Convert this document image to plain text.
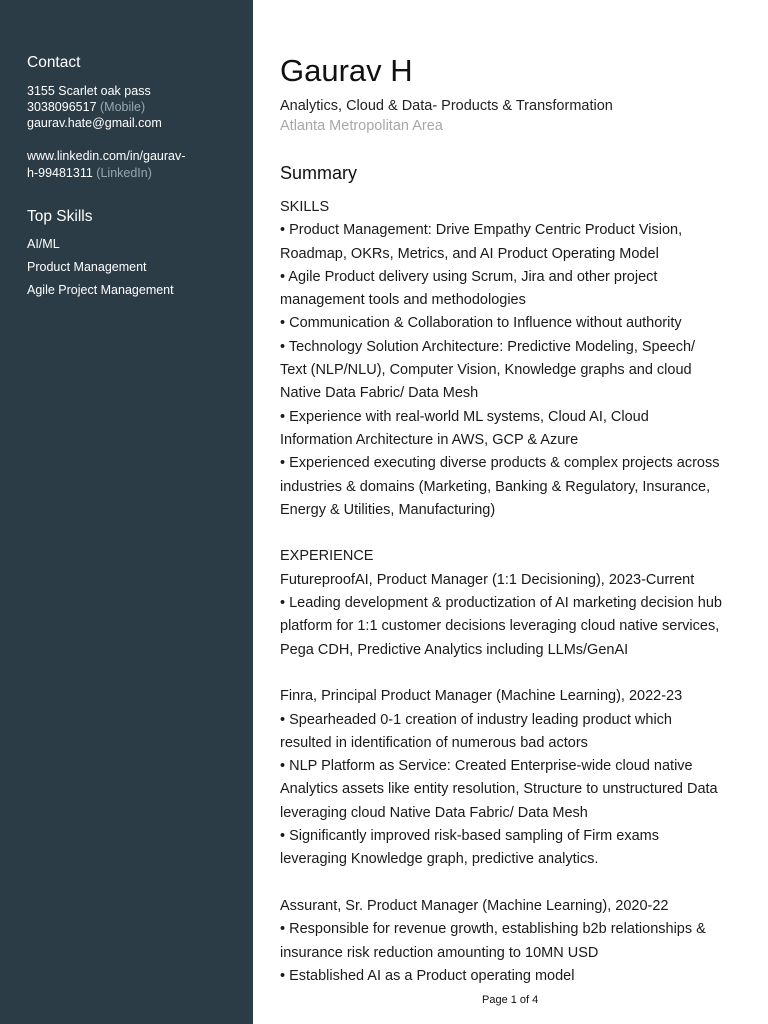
Contact
3155 Scarlet oak pass
3038096517 (Mobile)
gaurav.hate@gmail.com
www.linkedin.com/in/gaurav-
h-99481311 (LinkedIn)
Top Skills
AI/ML
Product Management
Agile Project Management
Gaurav H
Analytics, Cloud & Data- Products & Transformation
Atlanta Metropolitan Area
Summary
SKILLS
• Product Management: Drive Empathy Centric Product Vision,
Roadmap, OKRs, Metrics, and AI Product Operating Model
• Agile Product delivery using Scrum, Jira and other project
management tools and methodologies
• Communication & Collaboration to Influence without authority
• Technology Solution Architecture: Predictive Modeling, Speech/
Text (NLP/NLU), Computer Vision, Knowledge graphs and cloud
Native Data Fabric/ Data Mesh
• Experience with real-world ML systems, Cloud AI, Cloud
Information Architecture in AWS, GCP & Azure
• Experienced executing diverse products & complex projects across
industries & domains (Marketing, Banking & Regulatory, Insurance,
Energy & Utilities, Manufacturing)
EXPERIENCE
FutureproofAI, Product Manager (1:1 Decisioning), 2023-Current
• Leading development & productization of AI marketing decision hub
platform for 1:1 customer decisions leveraging cloud native services,
Pega CDH, Predictive Analytics including LLMs/GenAI
Finra, Principal Product Manager (Machine Learning), 2022-23
• Spearheaded 0-1 creation of industry leading product which
resulted in identification of numerous bad actors
• NLP Platform as Service: Created Enterprise-wide cloud native
Analytics assets like entity resolution, Structure to unstructured Data
leveraging cloud Native Data Fabric/ Data Mesh
• Significantly improved risk-based sampling of Firm exams
leveraging Knowledge graph, predictive analytics.
Assurant, Sr. Product Manager (Machine Learning), 2020-22
• Responsible for revenue growth, establishing b2b relationships &
insurance risk reduction amounting to 10MN USD
• Established AI as a Product operating model
Page 1 of 4
